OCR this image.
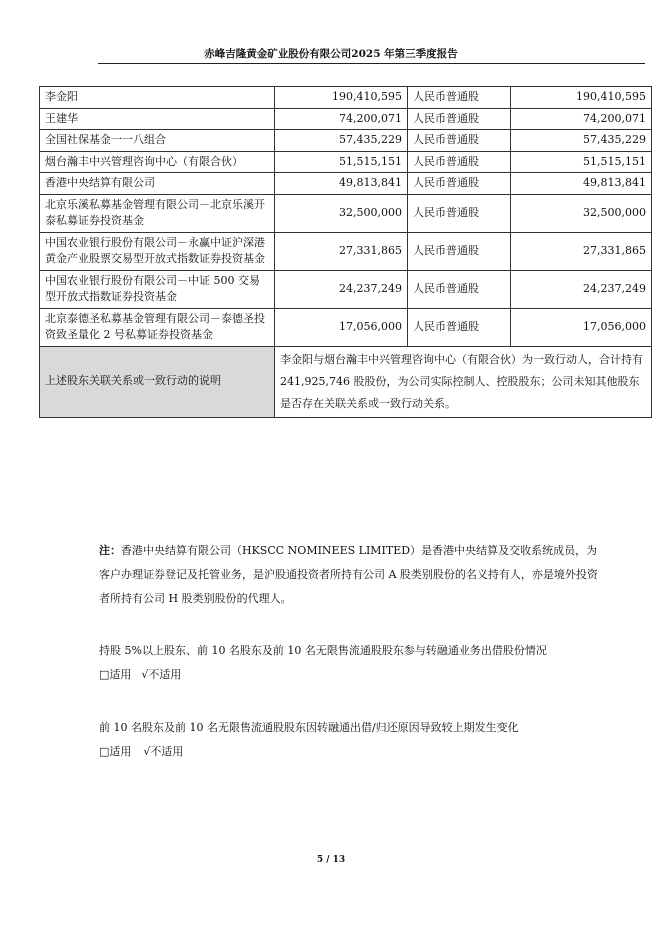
赤峰吉隆黄金矿业股份有限公司2025 年第三季度报告
李金阳	190,410,595	人民币普通股	190,410,595
王建华	74,200,071	人民币普通股	74,200,071
全国社保基金一一八组合	57,435,229	人民币普通股	57,435,229
烟台瀚丰中兴管理咨询中心（有限合伙）	51,515,151	人民币普通股	51,515,151
香港中央结算有限公司	49,813,841	人民币普通股	49,813,841
北京乐溪私募基金管理有限公司－北京乐溪开泰私募证券投资基金	32,500,000	人民币普通股	32,500,000
中国农业银行股份有限公司－永赢中证沪深港黄金产业股票交易型开放式指数证券投资基金	27,331,865	人民币普通股	27,331,865
中国农业银行股份有限公司－中证 500 交易型开放式指数证券投资基金	24,237,249	人民币普通股	24,237,249
北京泰德圣私募基金管理有限公司－泰德圣投资致圣量化 2 号私募证券投资基金	17,056,000	人民币普通股	17,056,000
上述股东关联关系或一致行动的说明	李金阳与烟台瀚丰中兴管理咨询中心（有限合伙）为一致行动人，合计持有 241,925,746 股股份，为公司实际控制人、控股股东；公司未知其他股东是否存在关联关系或一致行动关系。		
注：香港中央结算有限公司（HKSCC NOMINEES LIMITED）是香港中央结算及交收系统成员，为客户办理证券登记及托管业务，是沪股通投资者所持有公司 A 股类别股份的名义持有人，亦是境外投资者所持有公司 H 股类别股份的代理人。
持股 5%以上股东、前 10 名股东及前 10 名无限售流通股股东参与转融通业务出借股份情况
□适用 √不适用
前 10 名股东及前 10 名无限售流通股股东因转融通出借/归还原因导致较上期发生变化
□适用 √不适用
5 / 13
